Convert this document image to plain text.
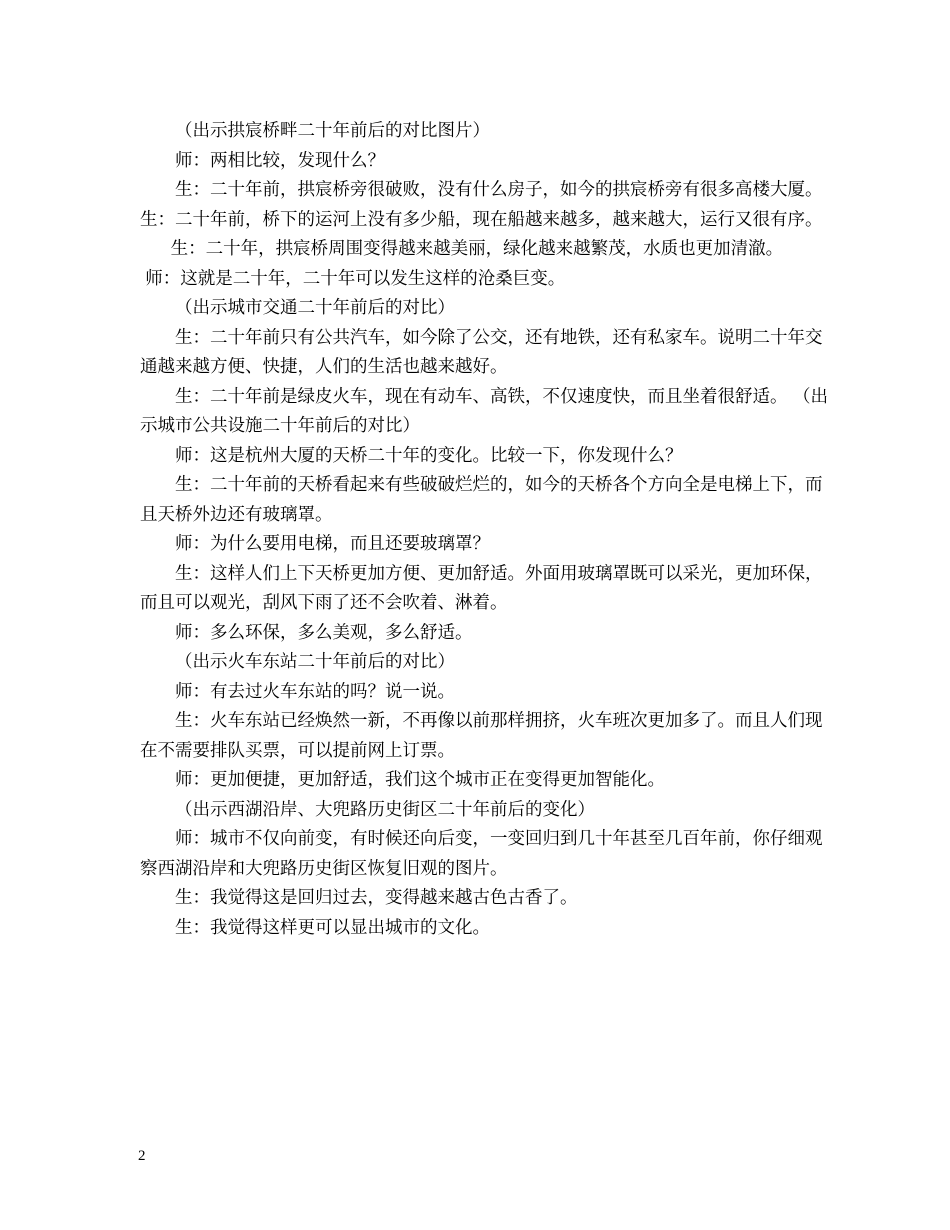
（出示拱宸桥畔二十年前后的对比图片）

师：两相比较，发现什么？

生：二十年前，拱宸桥旁很破败，没有什么房子，如今的拱宸桥旁有很多高楼大厦。 生：二十年前，桥下的运河上没有多少船，现在船越来越多，越来越大，运行又很有序。

生：二十年，拱宸桥周围变得越来越美丽，绿化越来越繁茂，水质也更加清澈。

师：这就是二十年，二十年可以发生这样的沧桑巨变。

（出示城市交通二十年前后的对比）

生：二十年前只有公共汽车，如今除了公交，还有地铁，还有私家车。说明二十年交通越来越方便、快捷，人们的生活也越来越好。

生：二十年前是绿皮火车，现在有动车、高铁，不仅速度快，而且坐着很舒适。 （出示城市公共设施二十年前后的对比）

师：这是杭州大厦的天桥二十年的变化。比较一下，你发现什么？

生：二十年前的天桥看起来有些破破烂烂的，如今的天桥各个方向全是电梯上下，而且天桥外边还有玻璃罩。

师：为什么要用电梯，而且还要玻璃罩？

生：这样人们上下天桥更加方便、更加舒适。外面用玻璃罩既可以采光，更加环保，而且可以观光，刮风下雨了还不会吹着、淋着。

师：多么环保，多么美观，多么舒适。

（出示火车东站二十年前后的对比）

师：有去过火车东站的吗？说一说。

生：火车东站已经焕然一新，不再像以前那样拥挤，火车班次更加多了。而且人们现在不需要排队买票，可以提前网上订票。

师：更加便捷，更加舒适，我们这个城市正在变得更加智能化。

（出示西湖沿岸、大兜路历史街区二十年前后的变化）

师：城市不仅向前变，有时候还向后变，一变回归到几十年甚至几百年前，你仔细观察西湖沿岸和大兜路历史街区恢复旧观的图片。

生：我觉得这是回归过去，变得越来越古色古香了。

生：我觉得这样更可以显出城市的文化。

2
